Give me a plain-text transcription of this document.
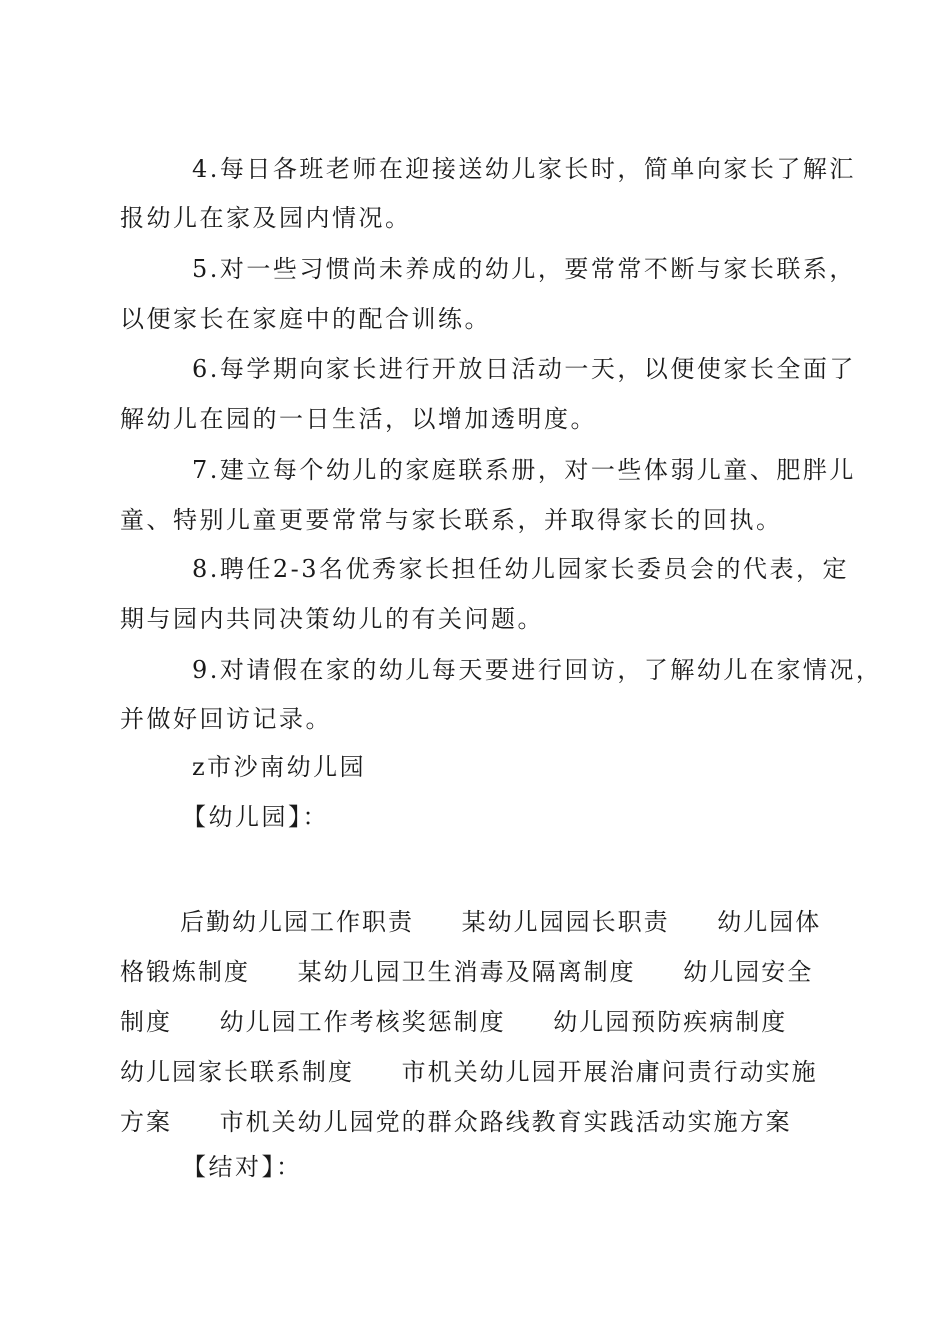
4.每日各班老师在迎接送幼儿家长时，简单向家长了解汇
报幼儿在家及园内情况。
5.对一些习惯尚未养成的幼儿，要常常不断与家长联系，
以便家长在家庭中的配合训练。
6.每学期向家长进行开放日活动一天，以便使家长全面了
解幼儿在园的一日生活，以增加透明度。
7.建立每个幼儿的家庭联系册，对一些体弱儿童、肥胖儿
童、特别儿童更要常常与家长联系，并取得家长的回执。
8.聘任2-3名优秀家长担任幼儿园家长委员会的代表，定
期与园内共同决策幼儿的有关问题。
9.对请假在家的幼儿每天要进行回访，了解幼儿在家情况，
并做好回访记录。
z市沙南幼儿园
【幼儿园】：
后勤幼儿园工作职责 某幼儿园园长职责 幼儿园体格锻炼制度 某幼儿园卫生消毒及隔离制度 幼儿园安全制度 幼儿园工作考核奖惩制度 幼儿园预防疾病制度 幼儿园家长联系制度 市机关幼儿园开展治庸问责行动实施方案 市机关幼儿园党的群众路线教育实践活动实施方案
【结对】：
